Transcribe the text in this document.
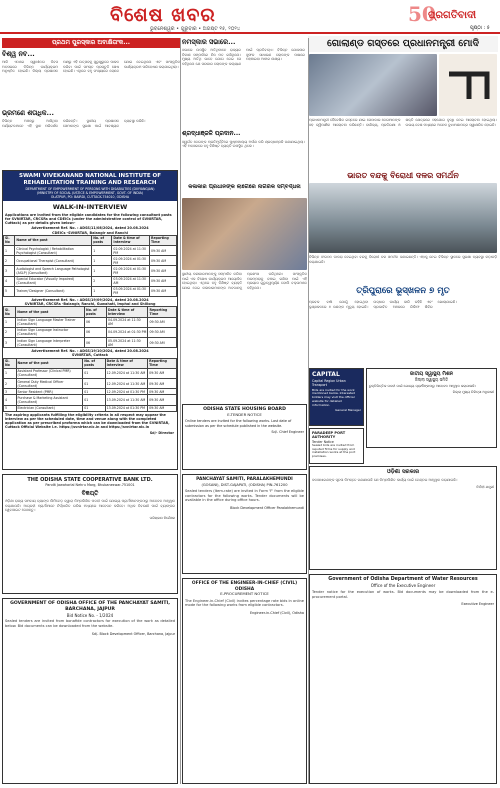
ବିଶେଷ ଖବର
ଭୁବନେଶ୍ୱର • ଗୁରୁବାର • ଅଗଷ୍ଟ ୧୫, ୨୦୨୪
50
ପ୍ରଗତିବାଦୀ
ପୃଷ୍ଠା : ୫
ପ୍ରଥମ ପୁରସ୍କାର ଅବାକ୍ଷିତାଂକ...
ବିଶ୍ୱ ନବ...
ଆଜି ଏଠାରେ ସ୍ୱାଧୀନତା ଦିବସ ଅବସରରେ ବିଭିନ୍ନ କାର୍ଯ୍ୟକ୍ରମ ଅନୁଷ୍ଠିତ ହୋଇଛି। ଜିଲ୍ଲା ପ୍ରଶାସନ ପକ୍ଷରୁ ଏହି ଉତ୍ସବକୁ ସୁରୁଖୁରୁରେ ପାଳନ କରିବା ପାଇଁ ସମସ୍ତ ପ୍ରସ୍ତୁତି ଶେଷ ହୋଇଛି। ଏଥିରେ ବହୁ ସଂଖ୍ୟାରେ ଲୋକେ ଯୋଗ ଦେଇଥିଲେ ଏବଂ ସାଂସ୍କୃତିକ କାର୍ଯ୍ୟକ୍ରମ ପରିବେଷଣ କରାଯାଇଥିଲା।
ଭ୍ରମଣେ ଶତାଧିକ...
ବିଭିନ୍ନ ଅଞ୍ଚଳରୁ ଆସିଥିବା ପର୍ଯ୍ୟଟକମାନେ ଏହି ସ୍ଥାନ ପରିଦର୍ଶନ କରିଛନ୍ତି। ସ୍ଥାନୀୟ ପ୍ରଶାସନ ସେମାନଙ୍କ ସୁରକ୍ଷା ପାଇଁ ଆବଶ୍ୟକ ବ୍ୟବସ୍ଥା କରିଛି।
ନମସ୍କାର ସଭାରେ...
ସଭାରେ ଉପସ୍ଥିତ ଅତିଥିମାନେ ରାଜ୍ୟର ବିକାଶ ସମ୍ପର୍କରେ ନିଜ ମତ ରଖିଥିଲେ। ମୁଖ୍ୟ ଅତିଥି ଭାବେ ଯୋଗ ଦେଇ ସେ କହିଥିଲେ ଯେ ସରକାର ଲୋକଙ୍କ କଲ୍ୟାଣ ପାଇଁ ପ୍ରତିବଦ୍ଧ। ବିଭିନ୍ନ ଯୋଜନାର ସୁଫଳ ସାଧାରଣ ଲୋକଙ୍କ ପାଖରେ ପହଞ୍ଚାଇବା ଆମର ଲକ୍ଷ୍ୟ।
ଶ୍ରଦ୍ଧାଞ୍ଜଳି ପ୍ରଦାନ...
ସ୍ୱର୍ଗତ ନେତାଙ୍କ ପ୍ରତିମୂର୍ତ୍ତିରେ ପୁଷ୍ପମାଲ୍ୟ ଅର୍ପଣ କରି ଶ୍ରଦ୍ଧାଞ୍ଜଳି ଜଣାଯାଇଥିଲା। ଏହି ଅବସରରେ ବହୁ ବିଶିଷ୍ଟ ବ୍ୟକ୍ତି ଉପସ୍ଥିତ ଥିଲେ।
ଗୋଲାଣ୍ଡ ଗସ୍ତରେ ପ୍ରଧାନମନ୍ତ୍ରୀ ମୋଦି
ପ୍ରଧାନମନ୍ତ୍ରୀ ବୈଦେଶିକ ଗସ୍ତରେ ଯାଇ ସେଠାକାର ନେତାମାନଙ୍କ ସହ ଦ୍ୱିପାକ୍ଷିକ ଆଲୋଚନା କରିଛନ୍ତି। ବାଣିଜ୍ୟ, ପ୍ରତିରକ୍ଷା ଓ ଶକ୍ତି କ୍ଷେତ୍ରରେ ସହଯୋଗ ବୃଦ୍ଧି ନେଇ ଆଲୋଚନା ହୋଇଥିଲା। ଉଭୟ ଦେଶ ମଧ୍ୟରେ ଅନେକ ବୁଝାମଣାପତ୍ର ସ୍ୱାକ୍ଷରିତ ହୋଇଛି।
ଭାରତ ବନ୍ଦକୁ ବିରୋଧୀ ଦଳର ସମର୍ଥନ
ବିଭିନ୍ନ ସଂଗଠନ ଡାକରା ଦେଇଥିବା ବନ୍ଦକୁ ବିରୋଧୀ ଦଳ ସମର୍ଥନ ଜଣାଇଛନ୍ତି। ଏହାକୁ ନେଇ ବିଭିନ୍ନ ସ୍ଥାନରେ ସୁରକ୍ଷା ବ୍ୟବସ୍ଥା କଡ଼ାକଡ଼ି କରାଯାଇଛି।
SWAMI VIVEKANAND NATIONAL INSTITUTE OF
REHABILITATION TRAINING AND RESEARCH
DEPARTMENT OF EMPOWERMENT OF PERSONS WITH DISABILITIES (DIVYANGJAN)
(MINISTRY OF SOCIAL JUSTICE & EMPOWERMENT, GOVT. OF INDIA)
OLATPUR, PO: BAIRDI, CUTTACK-754010, ODISHA
WALK-IN-INTERVIEW
Applications are invited from the eligible candidates for the following consultant posts for SVNIRTAR, CRCSRs and CDEICs (under the administrative control of SVNIRTAR, Cuttack) as per details given below:-
Advertisement Ref. No. : ADSS/11/08/2024, dated 20.08.2024
CDEICs -SVNIRTAR, Balangir and Ranchi
Sl. No	Name of the post	No. of posts	Date & time of Interview	Reporting Time
1	Clinical Psychologist / Rehabilitation Psychologist (Consultant)	1	02.09.2024 at 11:30 PM	09:30 AM
2	Occupational Therapist (Consultant)	1	02.09.2024 at 01:30 PM	09:30 AM
3	Audiologist and Speech Language Pathologist (ASLP) (Consultant)	1	02.09.2024 at 01:30 PM	09:30 AM
4	Special Educator (Visually Impaired) (Consultant)	2	03.09.2024 at 11:30 AM	09:30 AM
5	Trainer/ Designer (Consultant)	1	03.09.2024 at 01:30 PM	09:30 AM
Advertisement Ref. No. : ADSS/19/09/2024, dated 20.08.2024
SVNIRTAR, CRCSRs -Balangir, Ranchi, Guwahati, Imphal and Shillong
Sl. No	Name of the post	No. of posts	Date & time of Interview	Reporting Time
1	Indian Sign Language Master Trainer (Consultant)	06	04.09.2024 at 11:30 AM	09:30 AM
2	Indian Sign Language Instructor (Consultant)	06	04.09.2024 at 01:30 PM	09:30 AM
3	Indian Sign Language Interpreter (Consultant)	06	05.09.2024 at 11:30 AM	09:30 AM
Advertisement Ref. No. : ADSS/19/10/2024, dated 20.08.2024
SVNIRTAR, Cuttack
Sl. No	Name of the post	No. of posts	Date & time of Interview	Reporting Time
1	Assistant Professor (Clinical PMR) (Consultant)	01	12.09.2024 at 11:30 AM	09:30 AM
2	General Duty Medical Officer (Consultant)	01	12.09.2024 at 11:30 AM	09:30 AM
3	Senior Resident (PMR)	01	12.09.2024 at 01:30 PM	09:30 AM
4	Purchase & Marketing Assistant (Consultant)	01	13.09.2024 at 11:30 AM	09:30 AM
5	Electrician (Consultant)	01	13.09.2024 at 01:30 PM	09:30 AM
The aspiring applicants fulfilling the eligibility criteria in all respect may appear the interview as per the scheduled date, time and venue along with the completed application as per prescribed proforma which can be downloaded from the SVNIRTAR, Cuttack Official Website i.e. https://svnirtar.nic.in and https://svnirtar.nic.in
Sd/- Director
କଳାକାର ପ୍ରଧାନଙ୍କ ଲାଗେରେ ନାଗରିକ ସମ୍ବର୍ଦ୍ଧନା
ସ୍ଥାନୀୟ କଳାକାରମାନଙ୍କୁ ସମ୍ମାନିତ କରିବା ପାଇଁ ଏକ ବିଶେଷ କାର୍ଯ୍ୟକ୍ରମ ଆୟୋଜିତ ହୋଇଥିଲା। ଏଥିରେ ବହୁ ବିଶିଷ୍ଟ ବ୍ୟକ୍ତି ଯୋଗ ଦେଇ କଳାକାରମାନଙ୍କ ଅବଦାନକୁ ପ୍ରଶଂସା କରିଥିଲେ। ସାଂସ୍କୃତିକ ପରମ୍ପରାକୁ ବଞ୍ଚାଇ ରଖିବା ପାଇଁ ଏହି ପ୍ରୟାସ ଗୁରୁତ୍ୱପୂର୍ଣ୍ଣ ବୋଲି ବକ୍ତାମାନେ କହିଥିଲେ।	ତ୍ରିପୁରାରେ ଭୂସ୍ଖଳନ ୭ ମୃତ
ପ୍ରବଳ ବର୍ଷା ଯୋଗୁଁ ହୋଇଥିବା ଭୂସ୍ଖଳନରେ ୭ ଜଣଙ୍କ ମୃତ୍ୟୁ ହୋଇଛି। ଉଦ୍ଧାର କାର୍ଯ୍ୟ ଜାରି ରହିଛି ଏବଂ ପ୍ରଭାବିତ ଅଞ୍ଚଳରେ ରିଲିଫ ଶିବିର ଖୋଲାଯାଇଛି।
CAPITAL
Capital Region Urban Transport
Bids are invited for the work mentioned below. Interested bidders may visit the official website for detailed information.
General Manager
ଜାତୀୟ ସ୍ୱାସ୍ଥ୍ୟ ମିଶନ
ଜିଲ୍ଲା ସ୍ୱାସ୍ଥ୍ୟ ସମିତି
ଚୁକ୍ତିଭିତ୍ତିକ ପଦବୀ ପାଇଁ ଯୋଗ୍ୟ ପ୍ରାର୍ଥୀଙ୍କଠାରୁ ଆବେଦନ ଆହ୍ୱାନ କରାଯାଉଛି।
ଜିଲ୍ଲା ମୁଖ୍ୟ ଚିକିତ୍ସା ଅଧିକାରୀ
PARADEEP PORT AUTHORITY
Tender Notice
Sealed bids are invited from reputed firms for supply and installation works at the port premises.
ODISHA STATE HOUSING BOARD
E-TENDER NOTICE
Online tenders are invited for the following works. Last date of submission as per the schedule published in the website.
Sd/- Chief Engineer
THE ODISHA STATE COOPERATIVE BANK LTD.
Pandit Jawaharlal Nehru Marg, Bhubaneswar-751001
ବିଜ୍ଞପ୍ତି
ଓଡ଼ିଶା ରାଜ୍ୟ ସମବାୟ ବ୍ୟାଙ୍କ ଲିମିଟେଡ଼ ଦ୍ୱାରା ନିମ୍ନଲିଖିତ ପଦବୀ ପାଇଁ ଯୋଗ୍ୟ ପ୍ରାର୍ଥୀମାନଙ୍କଠାରୁ ଆବେଦନ ଆହ୍ୱାନ କରାଯାଉଛି। ଆଗ୍ରହୀ ପ୍ରାର୍ଥୀମାନେ ନିର୍ଦ୍ଧାରିତ ତାରିଖ ମଧ୍ୟରେ ଆବେଦନ କରିବେ। ଅଧିକ ବିବରଣୀ ପାଇଁ ବ୍ୟାଙ୍କର ୱେବସାଇଟ ଦେଖନ୍ତୁ।
ପରିଚାଳନା ନିର୍ଦ୍ଦେଶକ
GOVERNMENT OF ODISHA OFFICE OF THE PANCHAYAT SAMITI, BARCHANA, JAJPUR
Bid Notice No. - 1/2024
Sealed tenders are invited from bonafide contractors for execution of the work as detailed below. Bid documents can be downloaded from the website.
Sd/- Block Development Officer, Barchana, Jajpur
PANCHAYAT SAMITI, PARALAKHEMUNDI
(GOSANI), DIST-GAJAPATI, (ODISHA) PIN-761200
Sealed tenders (Item-rate) are invited in Form 'F' from the eligible contractors for the following works. Tender documents will be available in the office during office hours.
Block Development Officer Paralakhemundi
OFFICE OF THE ENGINEER-IN-CHIEF (CIVIL) ODISHA
E-PROCUREMENT NOTICE
The Engineer-in-Chief (Civil) invites percentage rate bids in online mode for the following works from eligible contractors.
Engineer-in-Chief (Civil), Odisha
ଓଡ଼ିଶା ସରକାର
ଜନସାଧାରଣଙ୍କ ସୂଚନା ନିମନ୍ତେ ଜଣାଯାଉଛି ଯେ ନିମ୍ନଲିଖିତ କାର୍ଯ୍ୟ ପାଇଁ ଟେଣ୍ଡର ଆହ୍ୱାନ କରାଯାଉଛି।
ନିର୍ବାହୀ ଯନ୍ତ୍ରୀ
Government of Odisha Department of Water Resources
Office of the Executive Engineer
Tender notice for the execution of works. Bid documents may be downloaded from the e-procurement portal.
Executive Engineer
